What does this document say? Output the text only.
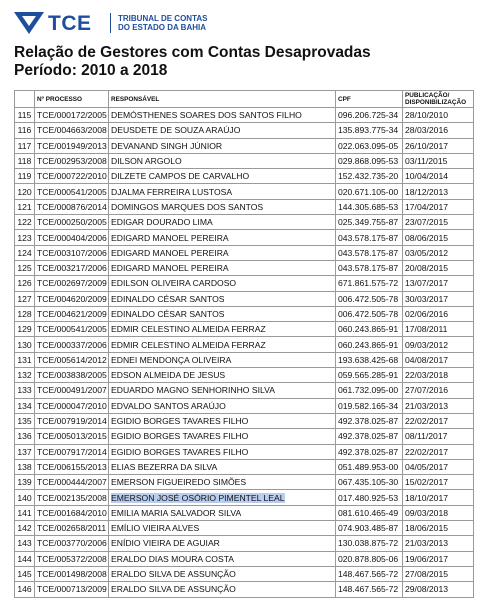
TCE	TRIBUNAL DE CONTAS
DO ESTADO DA BAHIA
Relação de Gestores com Contas Desaprovadas
Período: 2010 a 2018
	Nº PROCESSO	RESPONSÁVEL	CPF	PUBLICAÇÃO/ DISPONIBILIZAÇÃO
115	TCE/000172/2005	DEMÓSTHENES SOARES DOS SANTOS FILHO	096.206.725-34	28/10/2010
116	TCE/004663/2008	DEUSDETE DE SOUZA ARAÚJO	135.893.775-34	28/03/2016
117	TCE/001949/2013	DEVANAND SINGH JÚNIOR	022.063.095-05	26/10/2017
118	TCE/002953/2008	DILSON ARGOLO	029.868.095-53	03/11/2015
119	TCE/000722/2010	DILZETE CAMPOS DE CARVALHO	152.432.735-20	10/04/2014
120	TCE/000541/2005	DJALMA FERREIRA LUSTOSA	020.671.105-00	18/12/2013
121	TCE/000876/2014	DOMINGOS MARQUES DOS SANTOS	144.305.685-53	17/04/2017
122	TCE/000250/2005	EDIGAR DOURADO LIMA	025.349.755-87	23/07/2015
123	TCE/000404/2006	EDIGARD MANOEL PEREIRA	043.578.175-87	08/06/2015
124	TCE/003107/2006	EDIGARD MANOEL PEREIRA	043.578.175-87	03/05/2012
125	TCE/003217/2006	EDIGARD MANOEL PEREIRA	043.578.175-87	20/08/2015
126	TCE/002697/2009	EDILSON OLIVEIRA CARDOSO	671.861.575-72	13/07/2017
127	TCE/004620/2009	EDINALDO CÉSAR SANTOS	006.472.505-78	30/03/2017
128	TCE/004621/2009	EDINALDO CÉSAR SANTOS	006.472.505-78	02/06/2016
129	TCE/000541/2005	EDMIR CELESTINO ALMEIDA FERRAZ	060.243.865-91	17/08/2011
130	TCE/000337/2006	EDMIR CELESTINO ALMEIDA FERRAZ	060.243.865-91	09/03/2012
131	TCE/005614/2012	EDNEI MENDONÇA OLIVEIRA	193.638.425-68	04/08/2017
132	TCE/003838/2005	EDSON ALMEIDA DE JESUS	059.565.285-91	22/03/2018
133	TCE/000491/2007	EDUARDO MAGNO SENHORINHO SILVA	061.732.095-00	27/07/2016
134	TCE/000047/2010	EDVALDO SANTOS ARAÚJO	019.582.165-34	21/03/2013
135	TCE/007919/2014	EGIDIO BORGES TAVARES FILHO	492.378.025-87	22/02/2017
136	TCE/005013/2015	EGIDIO BORGES TAVARES FILHO	492.378.025-87	08/11/2017
137	TCE/007917/2014	EGIDIO BORGES TAVARES FILHO	492.378.025-87	22/02/2017
138	TCE/006155/2013	ELIAS BEZERRA DA SILVA	051.489.953-00	04/05/2017
139	TCE/000444/2007	EMERSON FIGUEIREDO SIMÕES	067.435.105-30	15/02/2017
140	TCE/002135/2008	EMERSON JOSÉ OSÓRIO PIMENTEL LEAL	017.480.925-53	18/10/2017
141	TCE/001684/2010	EMILIA MARIA SALVADOR SILVA	081.610.465-49	09/03/2018
142	TCE/002658/2011	EMÍLIO VIEIRA ALVES	074.903.485-87	18/06/2015
143	TCE/003770/2006	ENÍDIO VIEIRA DE AGUIAR	130.038.875-72	21/03/2013
144	TCE/005372/2008	ERALDO DIAS MOURA COSTA	020.878.805-06	19/06/2017
145	TCE/001498/2008	ERALDO SILVA DE ASSUNÇÃO	148.467.565-72	27/08/2015
146	TCE/000713/2009	ERALDO SILVA DE ASSUNÇÃO	148.467.565-72	29/08/2013
